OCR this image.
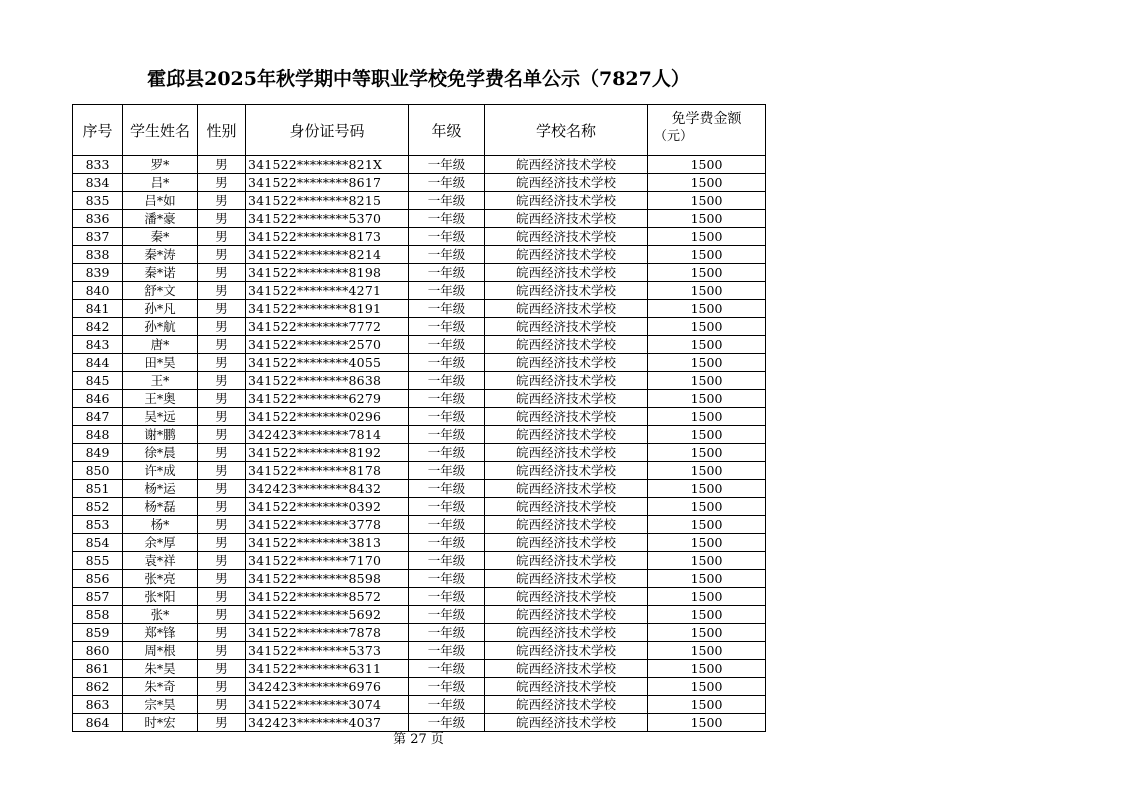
霍邱县2025年秋学期中等职业学校免学费名单公示（7827人）
序号	学生姓名	性别	身份证号码	年级	学校名称	免学费金额
（元）

833	罗*	男	341522********821X	一年级	皖西经济技术学校	1500
834	吕*	男	341522********8617	一年级	皖西经济技术学校	1500
835	吕*如	男	341522********8215	一年级	皖西经济技术学校	1500
836	潘*豪	男	341522********5370	一年级	皖西经济技术学校	1500
837	秦*	男	341522********8173	一年级	皖西经济技术学校	1500
838	秦*涛	男	341522********8214	一年级	皖西经济技术学校	1500
839	秦*诺	男	341522********8198	一年级	皖西经济技术学校	1500
840	舒*文	男	341522********4271	一年级	皖西经济技术学校	1500
841	孙*凡	男	341522********8191	一年级	皖西经济技术学校	1500
842	孙*航	男	341522********7772	一年级	皖西经济技术学校	1500
843	唐*	男	341522********2570	一年级	皖西经济技术学校	1500
844	田*昊	男	341522********4055	一年级	皖西经济技术学校	1500
845	王*	男	341522********8638	一年级	皖西经济技术学校	1500
846	王*奥	男	341522********6279	一年级	皖西经济技术学校	1500
847	吴*远	男	341522********0296	一年级	皖西经济技术学校	1500
848	谢*鹏	男	342423********7814	一年级	皖西经济技术学校	1500
849	徐*晨	男	341522********8192	一年级	皖西经济技术学校	1500
850	许*成	男	341522********8178	一年级	皖西经济技术学校	1500
851	杨*运	男	342423********8432	一年级	皖西经济技术学校	1500
852	杨*磊	男	341522********0392	一年级	皖西经济技术学校	1500
853	杨*	男	341522********3778	一年级	皖西经济技术学校	1500
854	余*厚	男	341522********3813	一年级	皖西经济技术学校	1500
855	袁*祥	男	341522********7170	一年级	皖西经济技术学校	1500
856	张*亮	男	341522********8598	一年级	皖西经济技术学校	1500
857	张*阳	男	341522********8572	一年级	皖西经济技术学校	1500
858	张*	男	341522********5692	一年级	皖西经济技术学校	1500
859	郑*锋	男	341522********7878	一年级	皖西经济技术学校	1500
860	周*根	男	341522********5373	一年级	皖西经济技术学校	1500
861	朱*昊	男	341522********6311	一年级	皖西经济技术学校	1500
862	朱*奇	男	342423********6976	一年级	皖西经济技术学校	1500
863	宗*昊	男	341522********3074	一年级	皖西经济技术学校	1500
864	时*宏	男	342423********4037	一年级	皖西经济技术学校	1500
第 27 页
